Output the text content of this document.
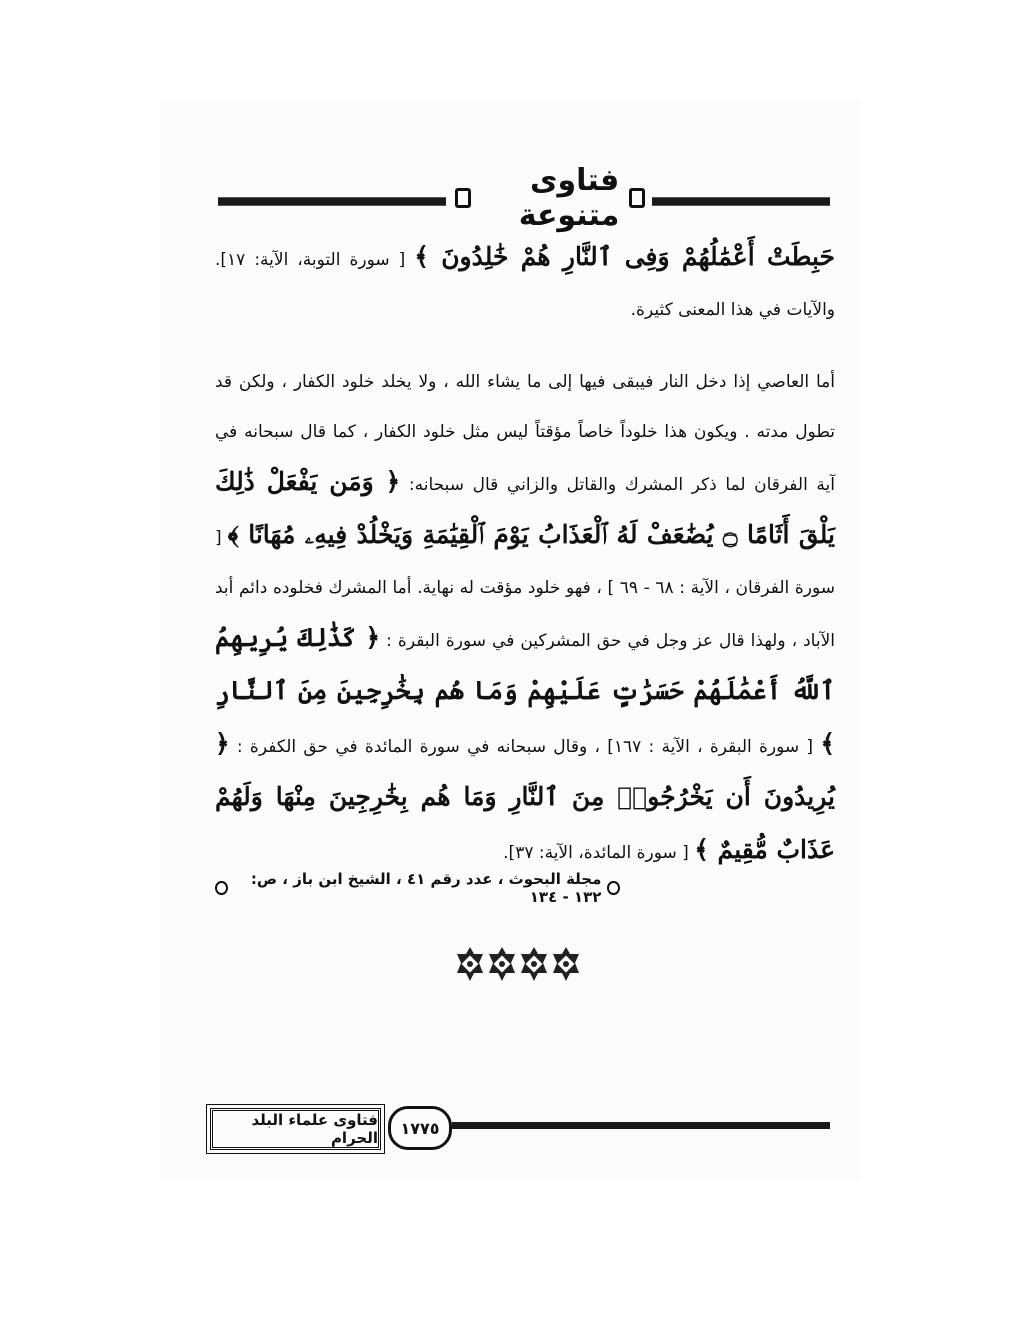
فتاوى متنوعة

حَبِطَتْ أَعْمَٰلُهُمْ وَفِى ٱلنَّارِ هُمْ خَٰلِدُونَ ﴾ [ سورة التوبة، الآية: ١٧]. والآيات في هذا المعنى كثيرة.

أما العاصي إذا دخل النار فيبقى فيها إلى ما يشاء الله ، ولا يخلد خلود الكفار ، ولكن قد تطول مدته . ويكون هذا خلوداً خاصاً مؤقتاً ليس مثل خلود الكفار ، كما قال سبحانه في آية الفرقان لما ذكر المشرك والقاتل والزاني قال سبحانه: ﴿ وَمَن يَفْعَلْ ذَٰلِكَ يَلْقَ أَثَامًا ۝ يُضَٰعَفْ لَهُ ٱلْعَذَابُ يَوْمَ ٱلْقِيَٰمَةِ وَيَخْلُدْ فِيهِۦ مُهَانًا ﴾ [ سورة الفرقان ، الآية : ٦٨ - ٦٩ ] ، فهو خلود مؤقت له نهاية. أما المشرك فخلوده دائم أبد الآباد ، ولهذا قال عز وجل في حق المشركين في سورة البقرة : ﴿ كَذَٰلِكَ يُرِيهِمُ ٱللَّهُ أَعْمَٰلَهُمْ حَسَرَٰتٍ عَلَيْهِمْ وَمَا هُم بِخَٰرِجِينَ مِنَ ٱلنَّارِ ﴾ [ سورة البقرة ، الآية : ١٦٧] ، وقال سبحانه في سورة المائدة في حق الكفرة : ﴿ يُرِيدُونَ أَن يَخْرُجُوا۟ مِنَ ٱلنَّارِ وَمَا هُم بِخَٰرِجِينَ مِنْهَا وَلَهُمْ عَذَابٌ مُّقِيمٌ ﴾ [ سورة المائدة، الآية: ٣٧].

مجلة البحوث ، عدد رقم ٤١ ، الشيخ ابن باز ، ص: ١٣٢ - ١٣٤
فتاوى علماء البلد الحرام
١٧٧٥
